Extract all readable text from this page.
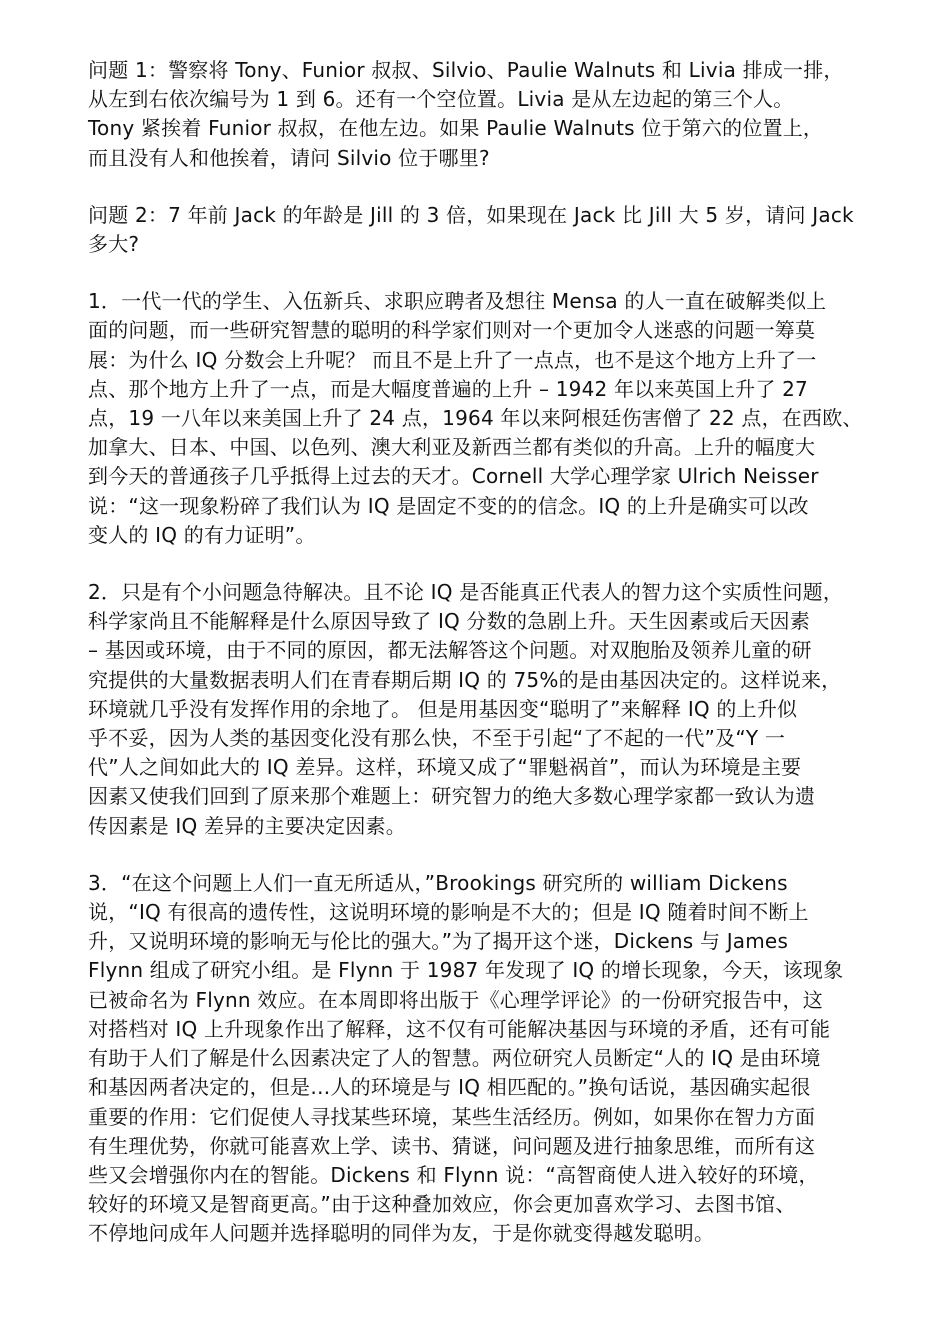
问题 1：警察将 Tony、Funior 叔叔、Silvio、Paulie Walnuts 和 Livia 排成一排，
从左到右依次编号为 1 到 6。还有一个空位置。Livia 是从左边起的第三个人。
Tony 紧挨着 Funior 叔叔，在他左边。如果 Paulie Walnuts 位于第六的位置上，
而且没有人和他挨着，请问 Silvio 位于哪里?

问题 2：7 年前 Jack 的年龄是 Jill 的 3 倍，如果现在 Jack 比 Jill 大 5 岁，请问 Jack
多大?

1．一代一代的学生、入伍新兵、求职应聘者及想往 Mensa 的人一直在破解类似上
面的问题，而一些研究智慧的聪明的科学家们则对一个更加令人迷惑的问题一筹莫
展：为什么 IQ 分数会上升呢？ 而且不是上升了一点点，也不是这个地方上升了一
点、那个地方上升了一点，而是大幅度普遍的上升 – 1942 年以来英国上升了 27
点，19 一八年以来美国上升了 24 点，1964 年以来阿根廷伤害僧了 22 点，在西欧、
加拿大、日本、中国、以色列、澳大利亚及新西兰都有类似的升高。上升的幅度大
到今天的普通孩子几乎抵得上过去的天才。Cornell 大学心理学家 Ulrich Neisser
说：“这一现象粉碎了我们认为 IQ 是固定不变的的信念。IQ 的上升是确实可以改
变人的 IQ 的有力证明”。

2．只是有个小问题急待解决。且不论 IQ 是否能真正代表人的智力这个实质性问题，
科学家尚且不能解释是什么原因导致了 IQ 分数的急剧上升。天生因素或后天因素
– 基因或环境，由于不同的原因，都无法解答这个问题。对双胞胎及领养儿童的研
究提供的大量数据表明人们在青春期后期 IQ 的 75%的是由基因决定的。这样说来，
环境就几乎没有发挥作用的余地了。 但是用基因变“聪明了”来解释 IQ 的上升似
乎不妥，因为人类的基因变化没有那么快，不至于引起“了不起的一代”及“Y 一
代”人之间如此大的 IQ 差异。这样，环境又成了“罪魁祸首”，而认为环境是主要
因素又使我们回到了原来那个难题上：研究智力的绝大多数心理学家都一致认为遗
传因素是 IQ 差异的主要决定因素。

3．“在这个问题上人们一直无所适从，”Brookings 研究所的 william Dickens
说，“IQ 有很高的遗传性，这说明环境的影响是不大的；但是 IQ 随着时间不断上
升，又说明环境的影响无与伦比的强大。”为了揭开这个迷，Dickens 与 James
Flynn 组成了研究小组。是 Flynn 于 1987 年发现了 IQ 的增长现象，今天，该现象
已被命名为 Flynn 效应。在本周即将出版于《心理学评论》的一份研究报告中，这
对搭档对 IQ 上升现象作出了解释，这不仅有可能解决基因与环境的矛盾，还有可能
有助于人们了解是什么因素决定了人的智慧。两位研究人员断定“人的 IQ 是由环境
和基因两者决定的，但是…人的环境是与 IQ 相匹配的。”换句话说，基因确实起很
重要的作用：它们促使人寻找某些环境，某些生活经历。例如，如果你在智力方面
有生理优势，你就可能喜欢上学、读书、猜谜，问问题及进行抽象思维，而所有这
些又会增强你内在的智能。Dickens 和 Flynn 说：“高智商使人进入较好的环境，
较好的环境又是智商更高。”由于这种叠加效应，你会更加喜欢学习、去图书馆、
不停地问成年人问题并选择聪明的同伴为友，于是你就变得越发聪明。
